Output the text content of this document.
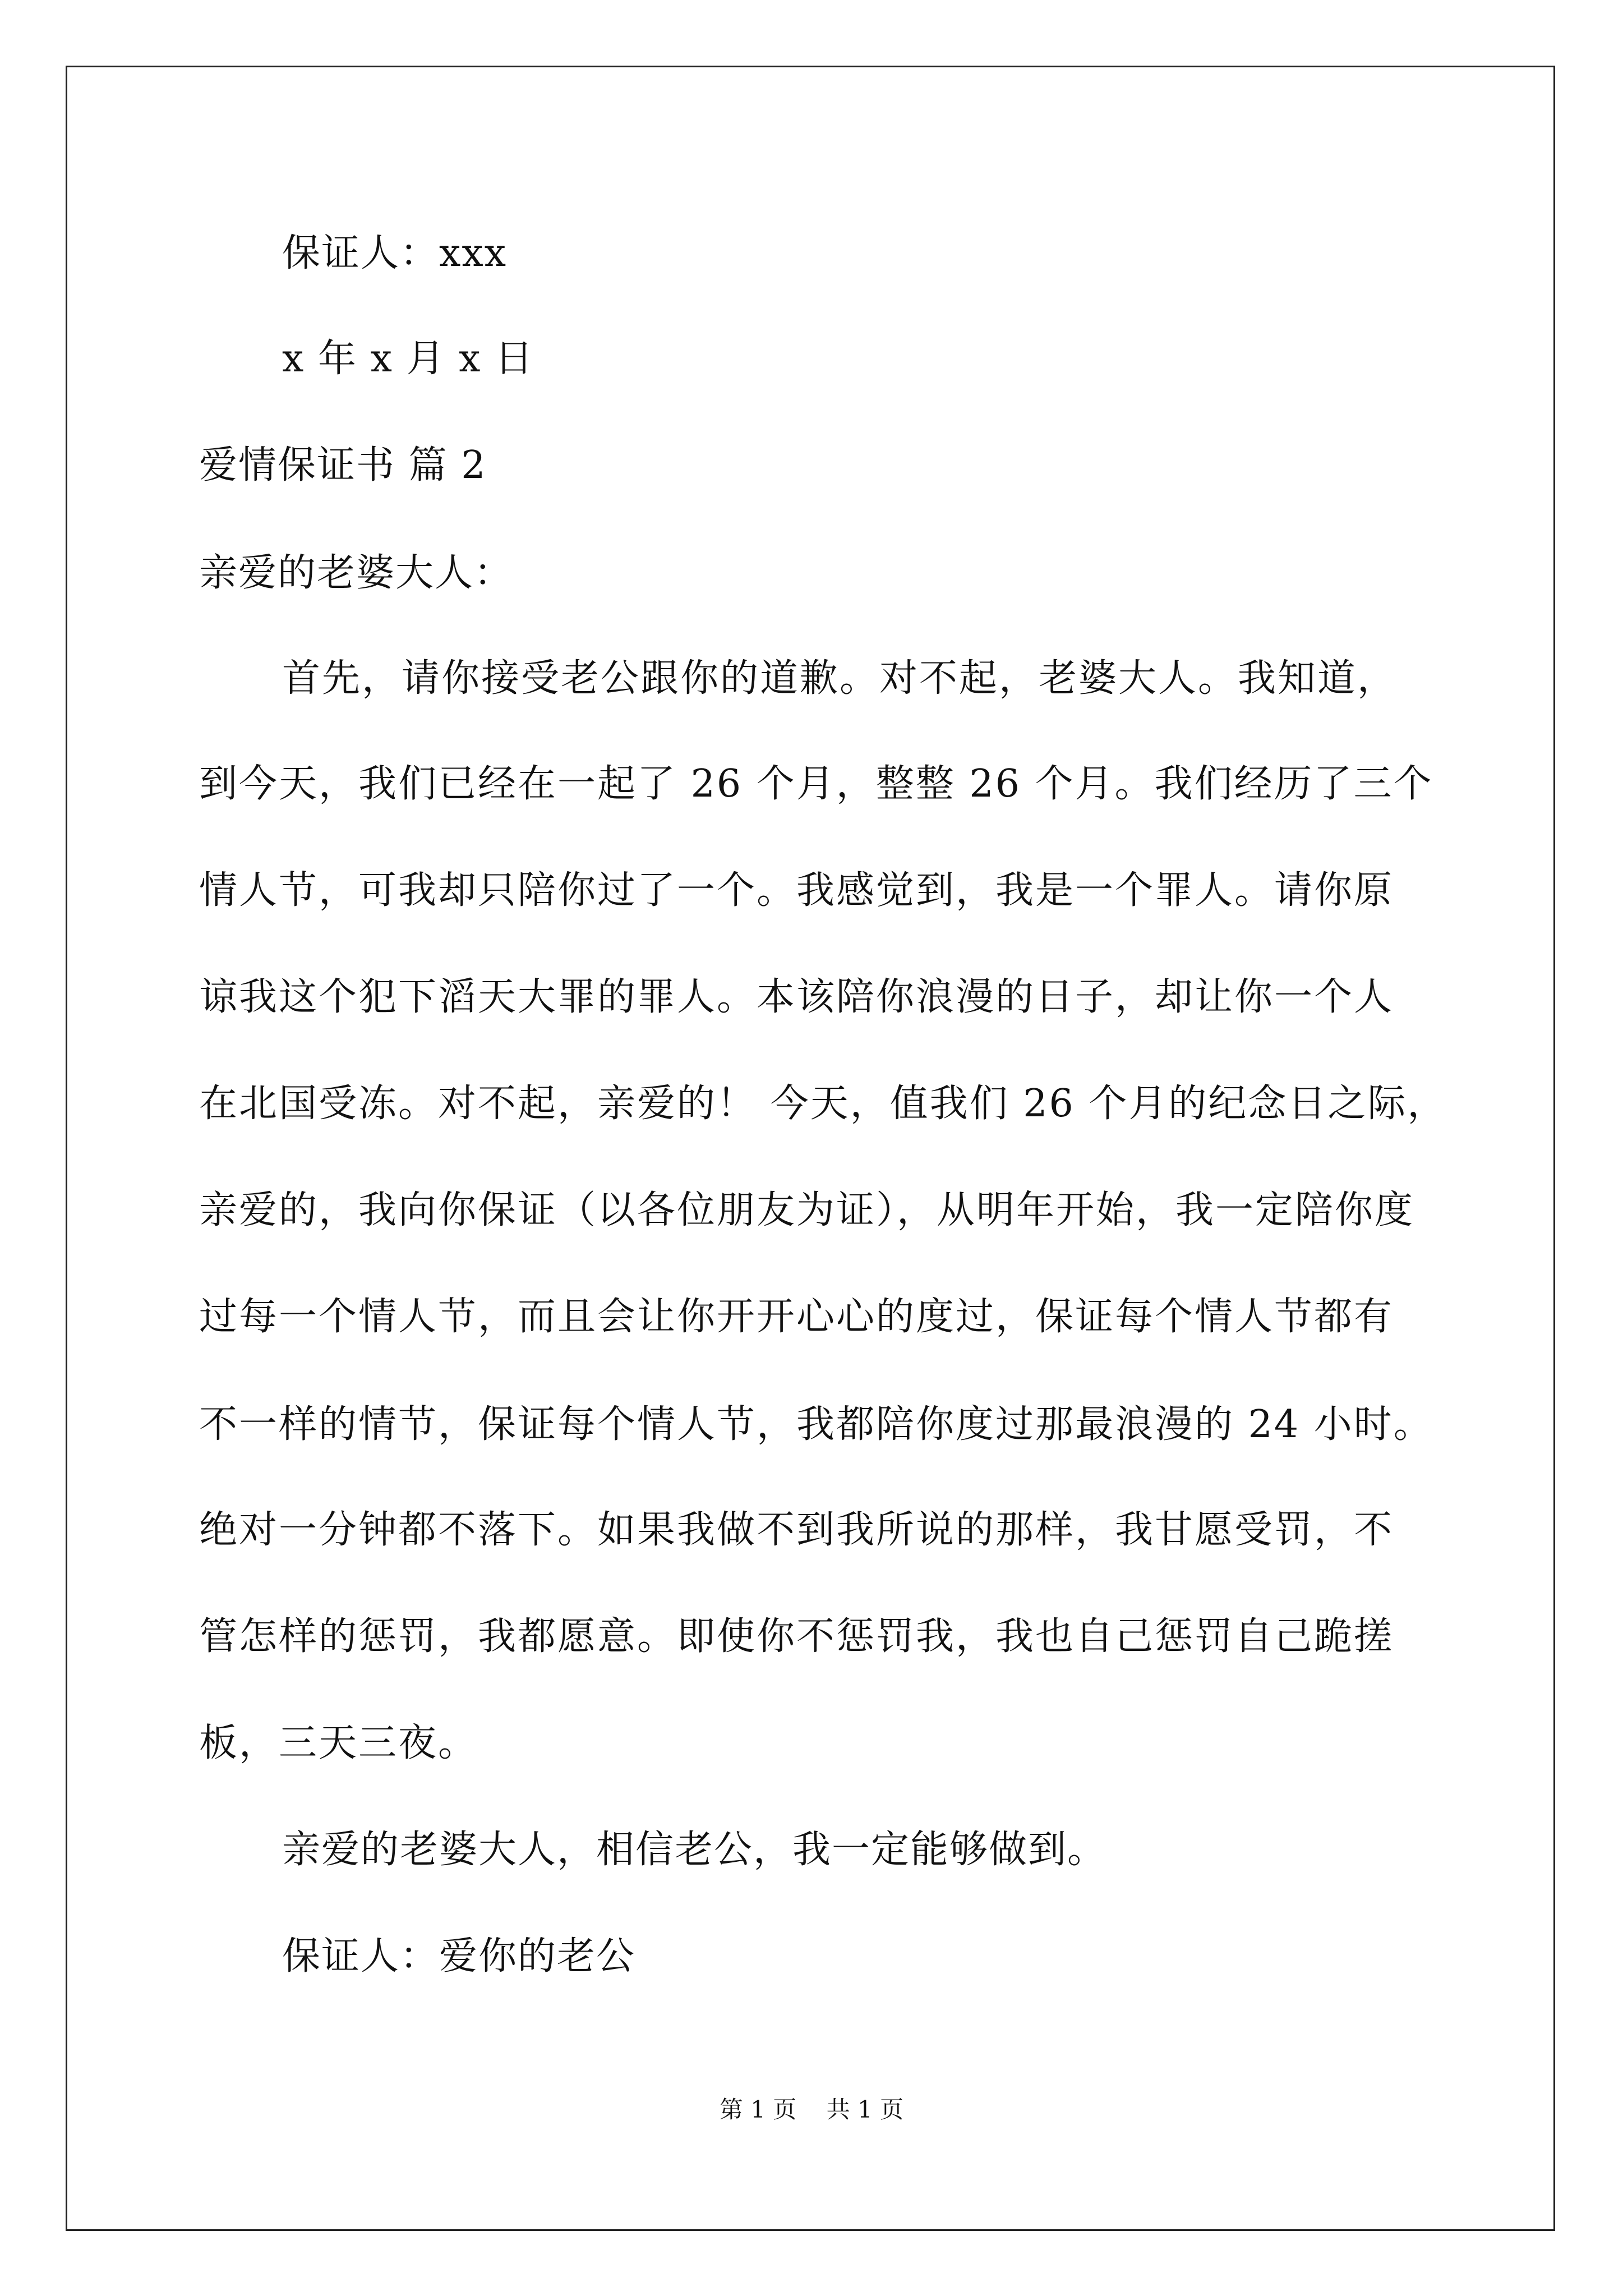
保证人：xxx
x 年 x 月 x 日
爱情保证书 篇 2
亲爱的老婆大人：
首先，请你接受老公跟你的道歉。对不起，老婆大人。我知道，
到今天，我们已经在一起了 26 个月，整整 26 个月。我们经历了三个
情人节，可我却只陪你过了一个。我感觉到，我是一个罪人。请你原
谅我这个犯下滔天大罪的罪人。本该陪你浪漫的日子，却让你一个人
在北国受冻。对不起，亲爱的！ 今天，值我们 26 个月的纪念日之际，
亲爱的，我向你保证（以各位朋友为证），从明年开始，我一定陪你度
过每一个情人节，而且会让你开开心心的度过，保证每个情人节都有
不一样的情节，保证每个情人节，我都陪你度过那最浪漫的 24 小时。
绝对一分钟都不落下。如果我做不到我所说的那样，我甘愿受罚，不
管怎样的惩罚，我都愿意。即使你不惩罚我，我也自己惩罚自己跪搓
板，三天三夜。
亲爱的老婆大人，相信老公，我一定能够做到。
保证人：爱你的老公
第 1 页    共 1 页
